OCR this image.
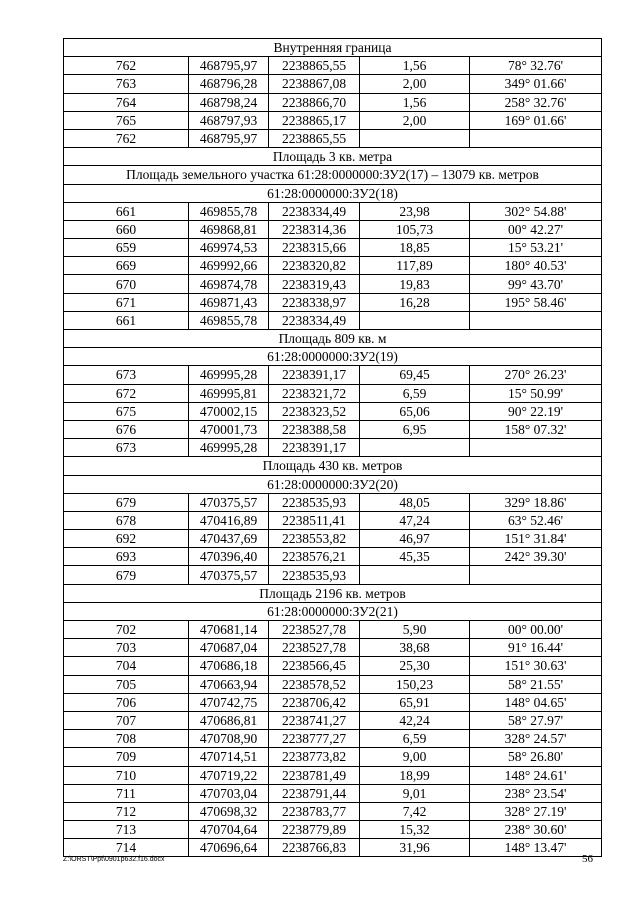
Внутренняя граница				
762	468795,97	2238865,55	1,56	78° 32.76'
763	468796,28	2238867,08	2,00	349° 01.66'
764	468798,24	2238866,70	1,56	258° 32.76'
765	468797,93	2238865,17	2,00	169° 01.66'
762	468795,97	2238865,55		
Площадь 3 кв. метра				
Площадь земельного участка 61:28:0000000:ЗУ2(17) – 13079 кв. метров				
61:28:0000000:ЗУ2(18)				
661	469855,78	2238334,49	23,98	302° 54.88'
660	469868,81	2238314,36	105,73	00° 42.27'
659	469974,53	2238315,66	18,85	15° 53.21'
669	469992,66	2238320,82	117,89	180° 40.53'
670	469874,78	2238319,43	19,83	99° 43.70'
671	469871,43	2238338,97	16,28	195° 58.46'
661	469855,78	2238334,49		
Площадь 809 кв. м				
61:28:0000000:ЗУ2(19)				
673	469995,28	2238391,17	69,45	270° 26.23'
672	469995,81	2238321,72	6,59	15° 50.99'
675	470002,15	2238323,52	65,06	90° 22.19'
676	470001,73	2238388,58	6,95	158° 07.32'
673	469995,28	2238391,17		
Площадь 430 кв. метров				
61:28:0000000:ЗУ2(20)				
679	470375,57	2238535,93	48,05	329° 18.86'
678	470416,89	2238511,41	47,24	63° 52.46'
692	470437,69	2238553,82	46,97	151° 31.84'
693	470396,40	2238576,21	45,35	242° 39.30'
679	470375,57	2238535,93		
Площадь 2196 кв. метров				
61:28:0000000:ЗУ2(21)				
702	470681,14	2238527,78	5,90	00° 00.00'
703	470687,04	2238527,78	38,68	91° 16.44'
704	470686,18	2238566,45	25,30	151° 30.63'
705	470663,94	2238578,52	150,23	58° 21.55'
706	470742,75	2238706,42	65,91	148° 04.65'
707	470686,81	2238741,27	42,24	58° 27.97'
708	470708,90	2238777,27	6,59	328° 24.57'
709	470714,51	2238773,82	9,00	58° 26.80'
710	470719,22	2238781,49	18,99	148° 24.61'
711	470703,04	2238791,44	9,01	238° 23.54'
712	470698,32	2238783,77	7,42	328° 27.19'
713	470704,64	2238779,89	15,32	238° 30.60'
714	470696,64	2238766,83	31,96	148° 13.47'
Z:\ORST\Ppt\0901p632.f16.docx	56
